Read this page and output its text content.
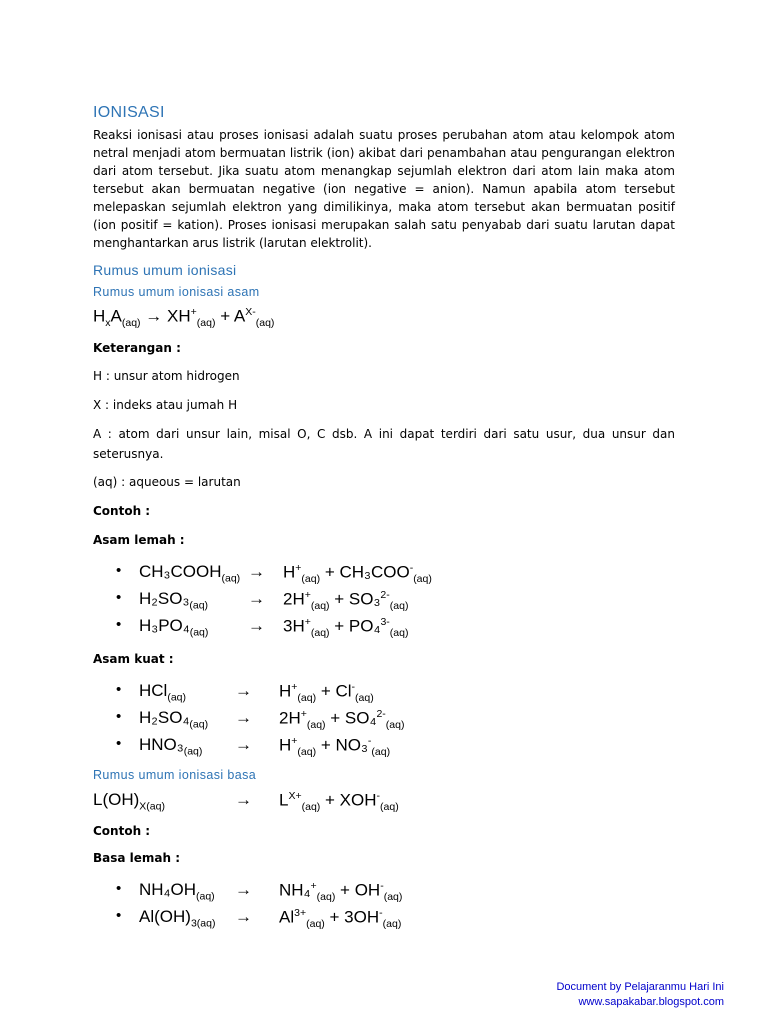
IONISASI

Reaksi ionisasi atau proses ionisasi adalah suatu proses perubahan atom atau kelompok atom netral menjadi atom bermuatan listrik (ion) akibat dari penambahan atau pengurangan elektron dari atom tersebut. Jika suatu atom menangkap sejumlah elektron dari atom lain maka atom tersebut akan bermuatan negative (ion negative = anion). Namun apabila atom tersebut melepaskan sejumlah elektron yang dimilikinya, maka atom tersebut akan bermuatan positif (ion positif = kation). Proses ionisasi merupakan salah satu penyabab dari suatu larutan dapat menghantarkan arus listrik (larutan elektrolit).

Rumus umum ionisasi
Rumus umum ionisasi asam
$H_xA_{(aq)} \to XH^+_{(aq)} + A^{X-}_{(aq)}$

Keterangan :

H : unsur atom hidrogen

X : indeks atau jumah H

A : atom dari unsur lain, misal O, C dsb. A ini dapat terdiri dari satu usur, dua unsur dan seterusnya.

(aq) : aqueous = larutan

Contoh :

Asam lemah :

• $CH_3COOH_{(aq)} \to H^+_{(aq)} + CH_3COO^-_{(aq)}$
• $H_2SO_3_{(aq)} \to 2H^+_{(aq)} + SO_3^{2-}_{(aq)}$
• $H_3PO_4_{(aq)} \to 3H^+_{(aq)} + PO_4^{3-}_{(aq)}$

Asam kuat :

• HCl$_{(aq)}$	→ $H^+_{(aq)} + Cl^-_{(aq)}$
• $H_2SO_4_{(aq)} \to 2H^+_{(aq)} + SO_4^{2-}_{(aq)}$
• $HNO_3_{(aq)} \to H^+_{(aq)} + NO_3^-_{(aq)}$
Rumus umum ionisasi basa
$L(OH)_{X(aq)}$	→ $L^{X+}_{(aq)} + XOH^-_{(aq)}$

Contoh :

Basa lemah :

• $NH_4OH_{(aq)} \to NH_4^+_{(aq)} + OH^-_{(aq)}$
• $Al(OH)_{3(aq)} \to Al^{3+}_{(aq)} + 3OH^-_{(aq)}$
Document by Pelajaranmu Hari Ini
www.sapakabar.blogspot.com
